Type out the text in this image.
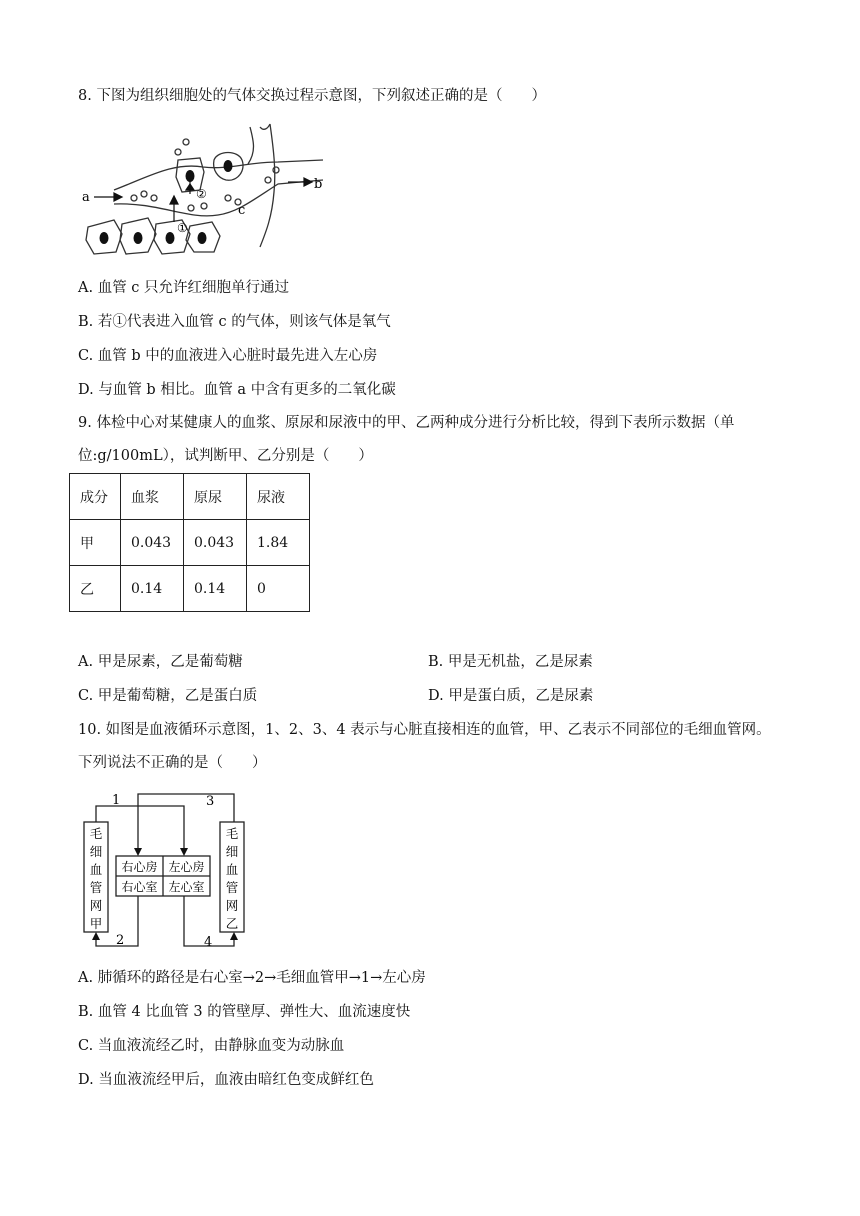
8. 下图为组织细胞处的气体交换过程示意图，下列叙述正确的是（　　）
a
b
c
①
②
A. 血管 c 只允许红细胞单行通过
B. 若①代表进入血管 c 的气体，则该气体是氧气
C. 血管 b 中的血液进入心脏时最先进入左心房
D. 与血管 b 相比。血管 a 中含有更多的二氧化碳
9. 体检中心对某健康人的血浆、原尿和尿液中的甲、乙两种成分进行分析比较，得到下表所示数据（单
位:g/100mL），试判断甲、乙分别是（　　）
成分	血浆	原尿	尿液
甲	0.043	0.043	1.84
乙	0.14	0.14	0
A. 甲是尿素，乙是葡萄糖	B. 甲是无机盐，乙是尿素
C. 甲是葡萄糖，乙是蛋白质	D. 甲是蛋白质，乙是尿素
10. 如图是血液循环示意图，1、2、3、4 表示与心脏直接相连的血管，甲、乙表示不同部位的毛细血管网。
下列说法不正确的是（　　）
1	3
2	4
毛
细
血
管
网
甲
毛
细
血
管
网
乙
右心房 左心房
右心室 左心室
A. 肺循环的路径是右心室→2→毛细血管甲→1→左心房
B. 血管 4 比血管 3 的管壁厚、弹性大、血流速度快
C. 当血液流经乙时，由静脉血变为动脉血
D. 当血液流经甲后，血液由暗红色变成鲜红色
